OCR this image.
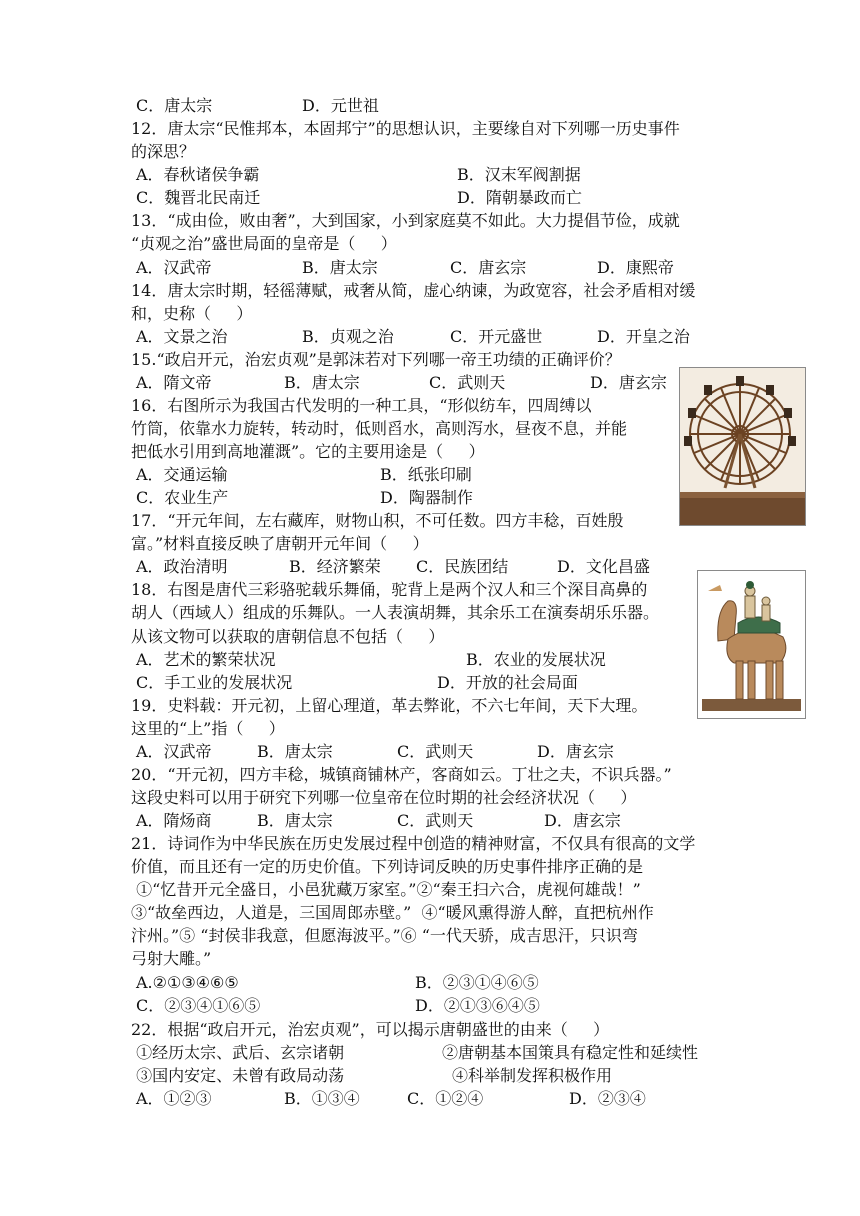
C．唐太宗	D．元世祖
12．唐太宗“民惟邦本，本固邦宁”的思想认识，主要缘自对下列哪一历史事件
的深思？
A．春秋诸侯争霸	B．汉末军阀割据
C．魏晋北民南迁	D．隋朝暴政而亡
13．“成由俭，败由奢”，大到国家，小到家庭莫不如此。大力提倡节俭，成就
“贞观之治”盛世局面的皇帝是（     ）
A．汉武帝	B．唐太宗	C．唐玄宗	D．康熙帝
14．唐太宗时期，轻徭薄赋，戒奢从简，虚心纳谏，为政宽容，社会矛盾相对缓
和，史称（     ）
A．文景之治	B．贞观之治	C．开元盛世	D．开皇之治
15.“政启开元，治宏贞观”是郭沫若对下列哪一帝王功绩的正确评价？
A．隋文帝	B．唐太宗	C．武则天	D．唐玄宗
16．右图所示为我国古代发明的一种工具，“形似纺车，四周缚以
竹筒，依靠水力旋转，转动时，低则舀水，高则泻水，昼夜不息，并能
把低水引用到高地灌溉”。它的主要用途是（     ）
A．交通运输	B．纸张印刷
C．农业生产	D．陶器制作
17．“开元年间，左右藏库，财物山积，不可任数。四方丰稔，百姓殷
富。”材料直接反映了唐朝开元年间（     ）
A．政治清明	B．经济繁荣 C．民族团结	D．文化昌盛
18．右图是唐代三彩骆驼载乐舞俑，驼背上是两个汉人和三个深目高鼻的
胡人（西域人）组成的乐舞队。一人表演胡舞，其余乐工在演奏胡乐乐器。
从该文物可以获取的唐朝信息不包括（     ）
A．艺术的繁荣状况	B．农业的发展状况
C．手工业的发展状况	D．开放的社会局面
19．史料载：开元初，上留心理道，革去弊讹，不六七年间，天下大理。
这里的“上”指（     ）
A．汉武帝	B．唐太宗	C．武则天	D．唐玄宗
20．“开元初，四方丰稔，城镇商铺林产，客商如云。丁壮之夫，不识兵器。”
这段史料可以用于研究下列哪一位皇帝在位时期的社会经济状况（     ）
A．隋炀商	B．唐太宗	C．武则天	D．唐玄宗
21．诗词作为中华民族在历史发展过程中创造的精神财富，不仅具有很高的文学
价值，而且还有一定的历史价值。下列诗词反映的历史事件排序正确的是
①“忆昔开元全盛日，小邑犹藏万家室。”②“秦王扫六合，虎视何雄哉！”
③“故垒西边，人道是，三国周郎赤壁。”  ④“暖风熏得游人醉，直把杭州作
汴州。”⑤ “封侯非我意，但愿海波平。”⑥ “一代天骄，成吉思汗，只识弯
弓射大雕。”
A.②①③④⑥⑤	B．②③①④⑥⑤
C．②③④①⑥⑤	D．②①③⑥④⑤
22．根据“政启开元，治宏贞观”，可以揭示唐朝盛世的由来（     ）
①经历太宗、武后、玄宗诸朝	②唐朝基本国策具有稳定性和延续性
③国内安定、未曾有政局动荡	④科举制发挥积极作用
A．①②③	B．①③④	C．①②④	D．②③④
